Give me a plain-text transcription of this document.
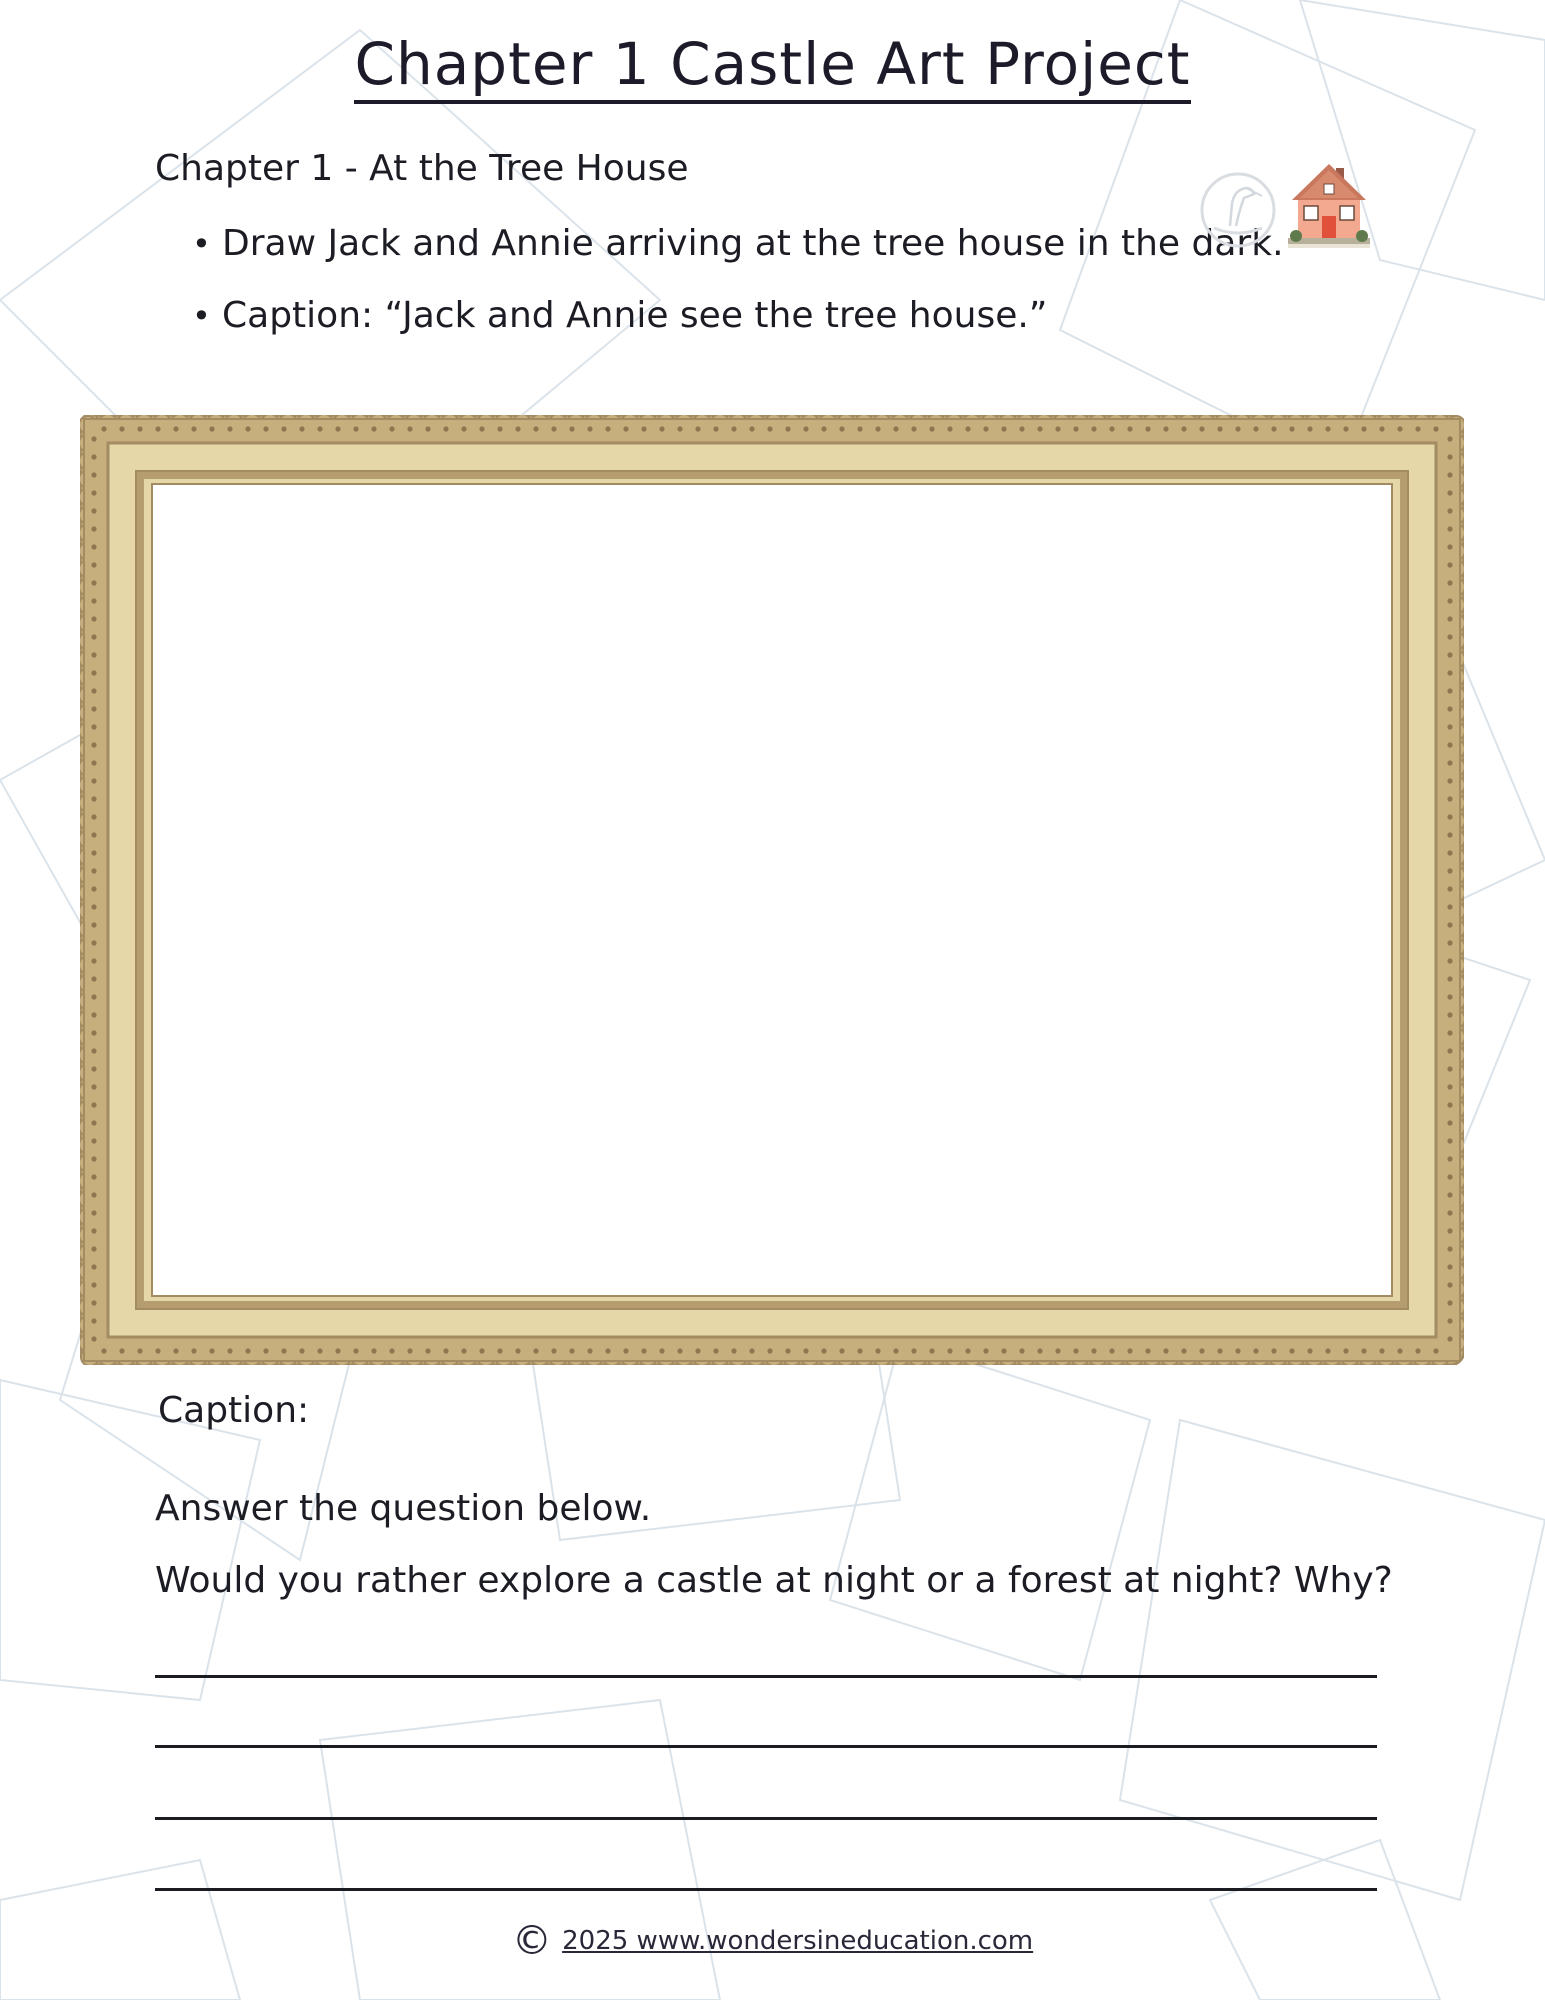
Chapter 1 Castle Art Project
Chapter 1 - At the Tree House
• Draw Jack and Annie arriving at the tree house in the dark.
• Caption: “Jack and Annie see the tree house.”
Caption:
Answer the question below.
Would you rather explore a castle at night or a forest at night? Why?
© 2025 www.wondersineducation.com
